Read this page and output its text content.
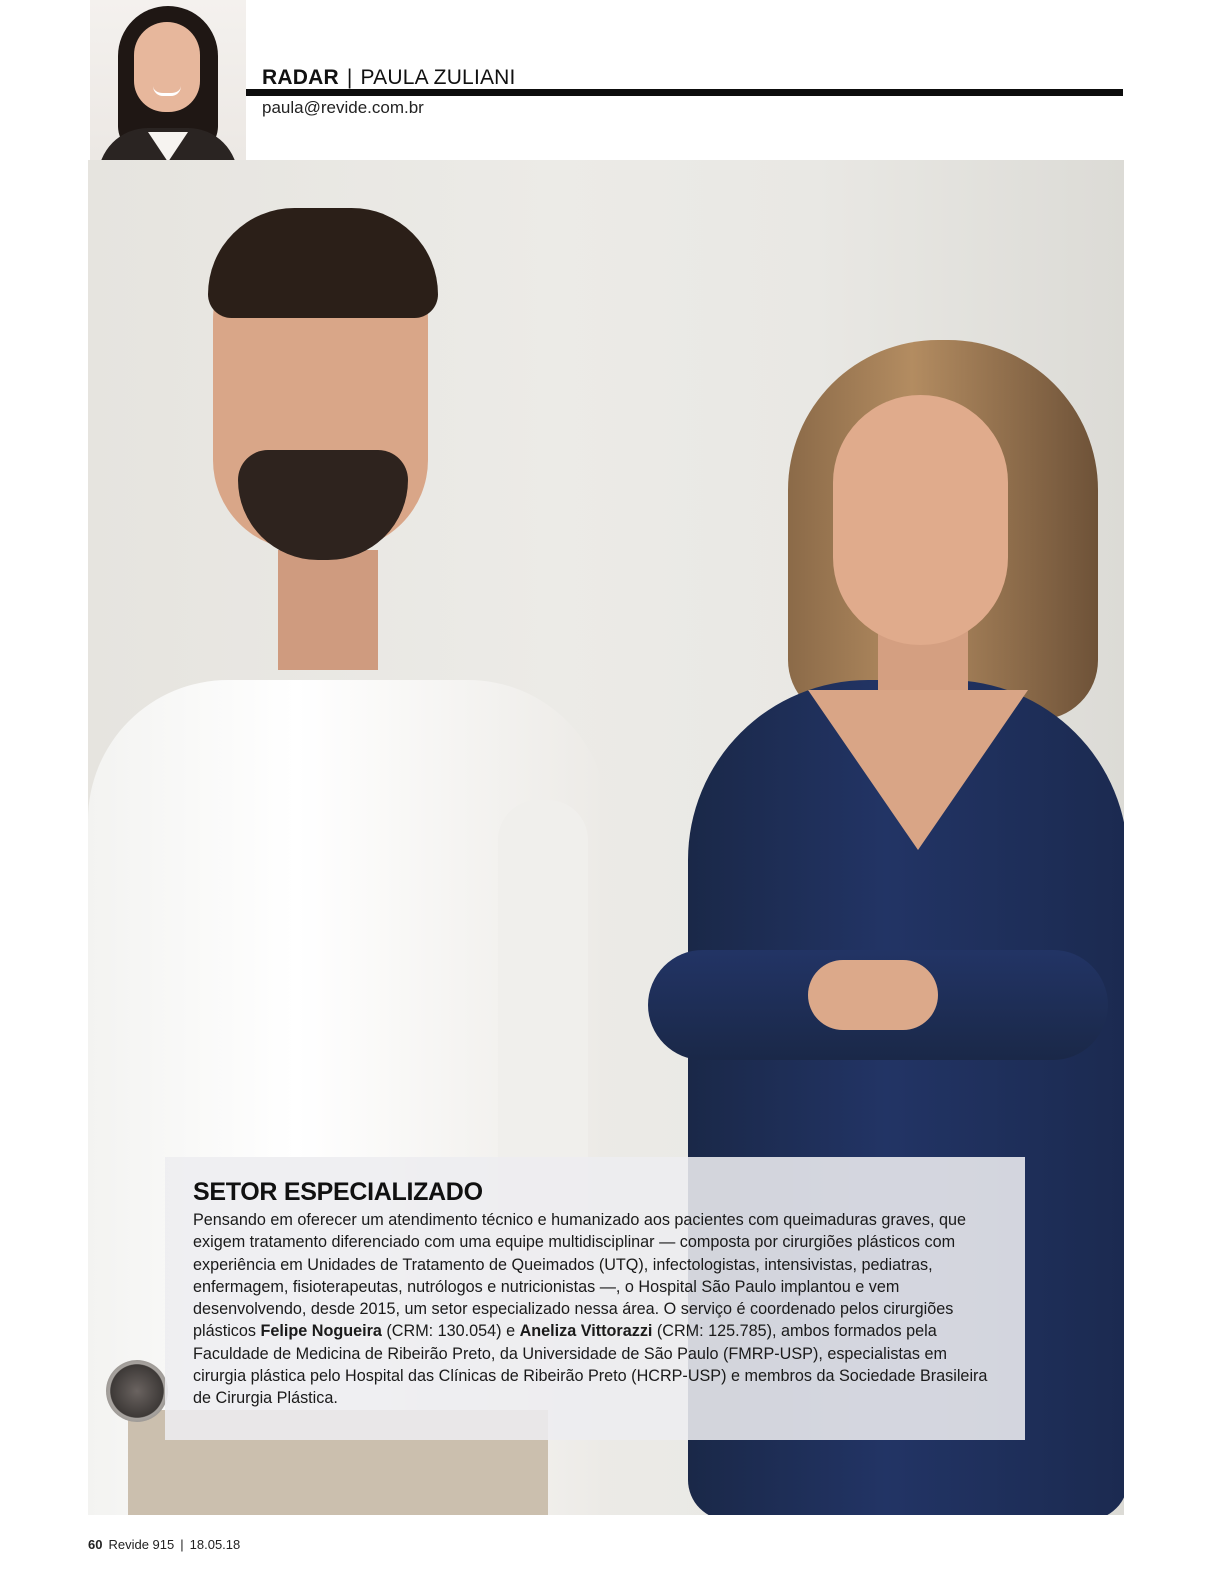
RADAR | PAULA ZULIANI
paula@revide.com.br
SETOR ESPECIALIZADO

Pensando em oferecer um atendimento técnico e humanizado aos pacientes com queimaduras graves, que exigem tratamento diferenciado com uma equipe multidisciplinar — composta por cirurgiões plásticos com experiência em Unidades de Tratamento de Queimados (UTQ), infectologistas, intensivistas, pediatras, enfermagem, fisioterapeutas, nutrólogos e nutricionistas —, o Hospital São Paulo implantou e vem desenvolvendo, desde 2015, um setor especializado nessa área. O serviço é coordenado pelos cirurgiões plásticos Felipe Nogueira (CRM: 130.054) e Aneliza Vittorazzi (CRM: 125.785), ambos formados pela Faculdade de Medicina de Ribeirão Preto, da Universidade de São Paulo (FMRP-USP), especialistas em cirurgia plástica pelo Hospital das Clínicas de Ribeirão Preto (HCRP-USP) e membros da Sociedade Brasileira de Cirurgia Plástica.

60 Revide 915 | 18.05.18
